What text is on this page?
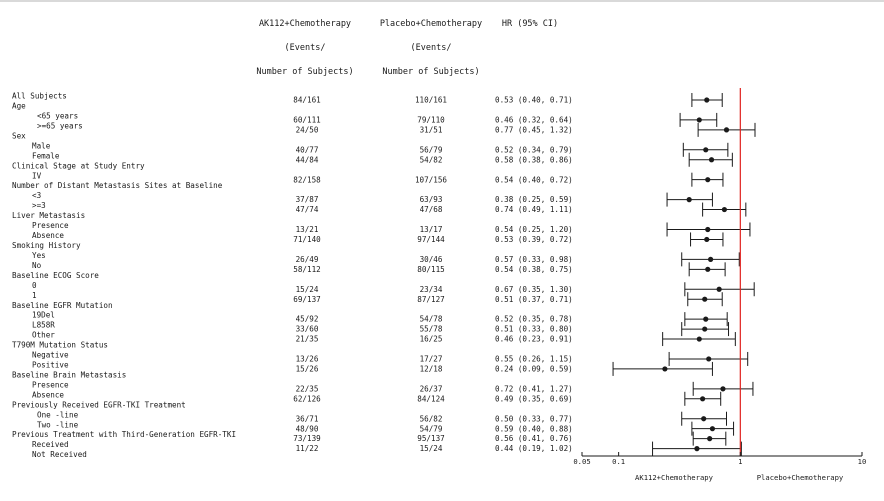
AK112+Chemotherapy	Placebo+Chemotherapy HR (95% CI)
(Events/	(Events/
Number of Subjects)	Number of Subjects)
All Subjects	84/161	110/161	0.53 (0.40, 0.71)
Age
<65 years	60/111	79/110	0.46 (0.32, 0.64)
>=65 years	24/50	31/51	0.77 (0.45, 1.32)
Sex
Male	40/77	56/79	0.52 (0.34, 0.79)
Female	44/84	54/82	0.58 (0.38, 0.86)
Clinical Stage at Study Entry
IV	82/158	107/156	0.54 (0.40, 0.72)
Number of Distant Metastasis Sites at Baseline
<3	37/87	63/93	0.38 (0.25, 0.59)
>=3	47/74	47/68	0.74 (0.49, 1.11)
Liver Metastasis
Presence	13/21	13/17	0.54 (0.25, 1.20)
Absence	71/140	97/144	0.53 (0.39, 0.72)
Smoking History
Yes	26/49	30/46	0.57 (0.33, 0.98)
No	58/112	80/115	0.54 (0.38, 0.75)
Baseline ECOG Score
0	15/24	23/34	0.67 (0.35, 1.30)
1	69/137	87/127	0.51 (0.37, 0.71)
Baseline EGFR Mutation
19Del	45/92	54/78	0.52 (0.35, 0.78)
L858R	33/60	55/78	0.51 (0.33, 0.80)
Other	21/35	16/25	0.46 (0.23, 0.91)
T790M Mutation Status
Negative	13/26	17/27	0.55 (0.26, 1.15)
Positive	15/26	12/18	0.24 (0.09, 0.59)
Baseline Brain Metastasis
Presence	22/35	26/37	0.72 (0.41, 1.27)
Absence	62/126	84/124	0.49 (0.35, 0.69)
Previously Received EGFR-TKI Treatment
One -line	36/71	56/82	0.50 (0.33, 0.77)
Two -line	48/90	54/79	0.59 (0.40, 0.88)
Previous Treatment with Third-Generation EGFR-TKI	73/139	95/137	0.56 (0.41, 0.76)
Received	11/22	15/24	0.44 (0.19, 1.02)
Not Received
0.05	0.1	1	10
AK112+Chemotherapy	Placebo+Chemotherapy
